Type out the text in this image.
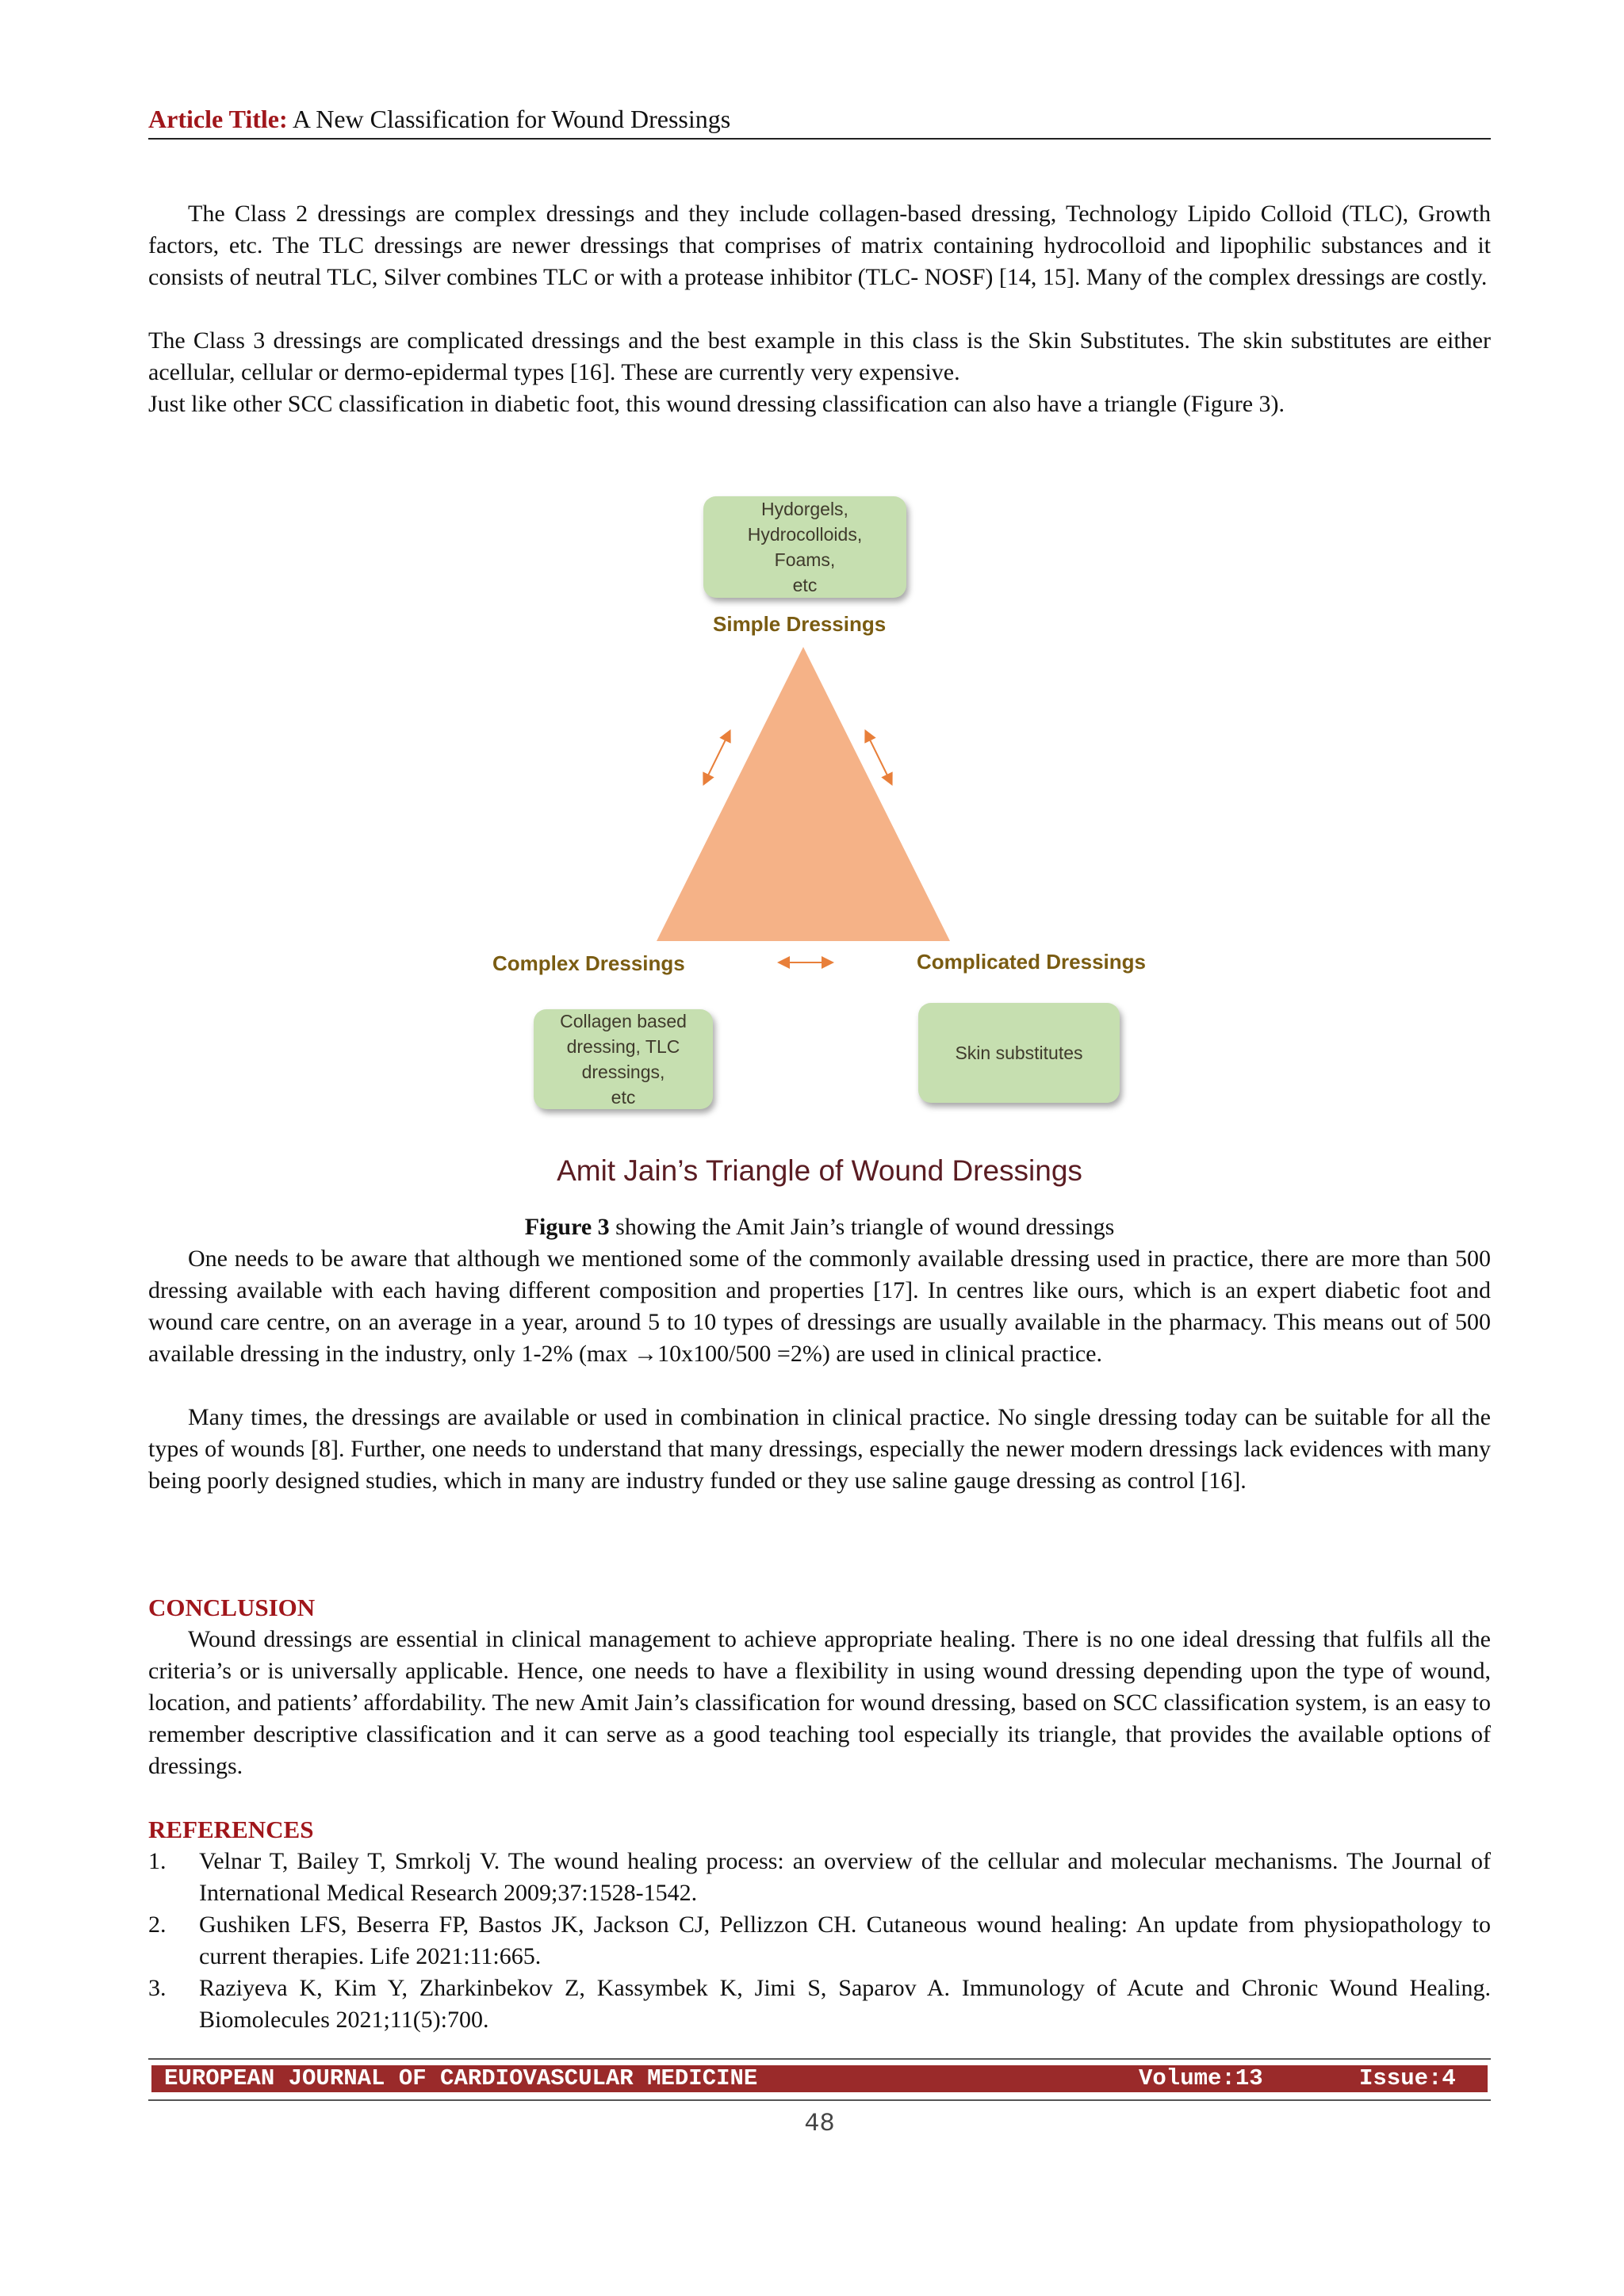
Article Title: A New Classification for Wound Dressings

The Class 2 dressings are complex dressings and they include collagen-based dressing, Technology Lipido Colloid (TLC), Growth factors, etc. The TLC dressings are newer dressings that comprises of matrix containing hydrocolloid and lipophilic substances and it consists of neutral TLC, Silver combines TLC or with a protease inhibitor (TLC- NOSF) [14, 15]. Many of the complex dressings are costly.

The Class 3 dressings are complicated dressings and the best example in this class is the Skin Substitutes. The skin substitutes are either acellular, cellular or dermo-epidermal types [16]. These are currently very expensive.

Just like other SCC classification in diabetic foot, this wound dressing classification can also have a triangle (Figure 3).

Hydorgels,
Hydrocolloids,
Foams,
etc
Simple Dressings
Complex Dressings	Complicated Dressings
Collagen based
dressing, TLC dressings,
etc
Skin substitutes
Amit Jain’s Triangle of Wound Dressings
Figure 3 showing the Amit Jain’s triangle of wound dressings

One needs to be aware that although we mentioned some of the commonly available dressing used in practice, there are more than 500 dressing available with each having different composition and properties [17]. In centres like ours, which is an expert diabetic foot and wound care centre, on an average in a year, around 5 to 10 types of dressings are usually available in the pharmacy. This means out of 500 available dressing in the industry, only 1-2% (max →10x100/500 =2%) are used in clinical practice.

Many times, the dressings are available or used in combination in clinical practice. No single dressing today can be suitable for all the types of wounds [8]. Further, one needs to understand that many dressings, especially the newer modern dressings lack evidences with many being poorly designed studies, which in many are industry funded or they use saline gauge dressing as control [16].

CONCLUSION

Wound dressings are essential in clinical management to achieve appropriate healing. There is no one ideal dressing that fulfils all the criteria’s or is universally applicable. Hence, one needs to have a flexibility in using wound dressing depending upon the type of wound, location, and patients’ affordability. The new Amit Jain’s classification for wound dressing, based on SCC classification system, is an easy to remember descriptive classification and it can serve as a good teaching tool especially its triangle, that provides the available options of dressings.

REFERENCES

1. Velnar T, Bailey T, Smrkolj V. The wound healing process: an overview of the cellular and molecular mechanisms. The Journal of International Medical Research 2009;37:1528-1542.
2. Gushiken LFS, Beserra FP, Bastos JK, Jackson CJ, Pellizzon CH. Cutaneous wound healing: An update from physiopathology to current therapies. Life 2021:11:665.
3. Raziyeva K, Kim Y, Zharkinbekov Z, Kassymbek K, Jimi S, Saparov A. Immunology of Acute and Chronic Wound Healing. Biomolecules 2021;11(5):700.
EUROPEAN JOURNAL OF CARDIOVASCULAR MEDICINE	Volume:13	Issue:4
48
